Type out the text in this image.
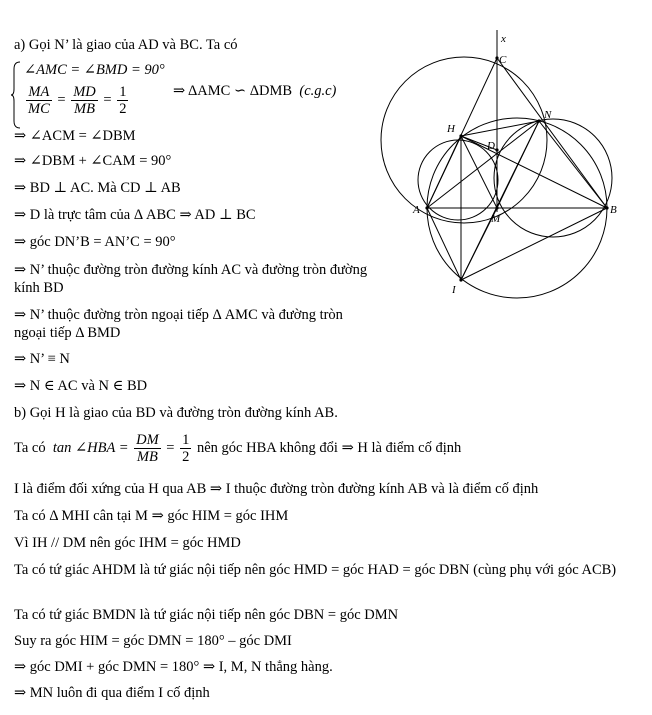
a) Gọi N’ là giao của AD và BC. Ta có
∠AMC = ∠BMD = 90°
$\frac{MA}{MC} = \frac{MD}{MB} = \frac{1}{2}$	⇒ ΔAMC ∽ ΔDMB (c.g.c)
⇒ ∠ACM = ∠DBM
⇒ ∠DBM + ∠CAM = 90°
⇒ BD ⊥ AC. Mà CD ⊥ AB
⇒ D là trực tâm của Δ ABC ⇒ AD ⊥ BC
⇒ góc DN’B = AN’C = 90°
⇒ N’ thuộc đường tròn đường kính AC và đường tròn đường kính BD
⇒ N’ thuộc đường tròn ngoại tiếp Δ AMC và đường tròn ngoại tiếp Δ BMD
⇒ N’ ≡ N
⇒ N ∈ AC và N ∈ BD
b) Gọi H là giao của BD và đường tròn đường kính AB.
Ta có tan ∠HBA = $\frac{DM}{MB} = \frac{1}{2}$ nên góc HBA không đổi ⇒ H là điểm cố định
I là điểm đối xứng của H qua AB ⇒ I thuộc đường tròn đường kính AB và là điểm cố định
Ta có Δ MHI cân tại M ⇒ góc HIM = góc IHM
Vì IH // DM nên góc IHM = góc HMD
Ta có tứ giác AHDM là tứ giác nội tiếp nên góc HMD = góc HAD = góc DBN (cùng phụ với góc ACB)
Ta có tứ giác BMDN là tứ giác nội tiếp nên góc DBN = góc DMN
Suy ra góc HIM = góc DMN = 180° – góc DMI
⇒ góc DMI + góc DMN = 180° ⇒ I, M, N thẳng hàng.
⇒ MN luôn đi qua điểm I cố định
x
C
N
H
D
A
M
B
I
